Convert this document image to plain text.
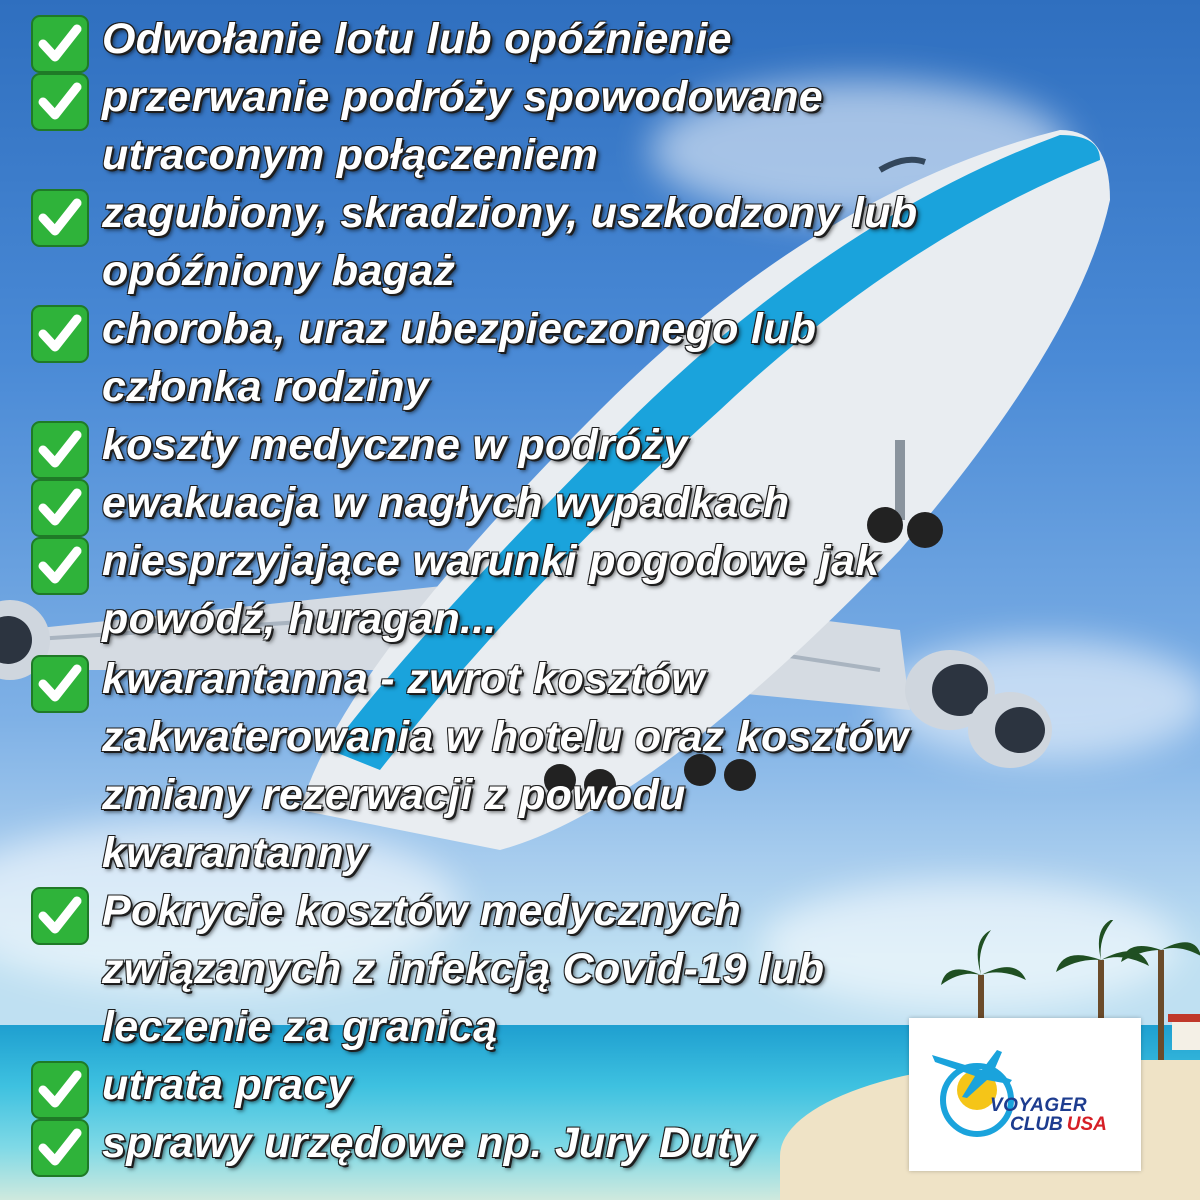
Odwołanie lotu lub opóźnienie
przerwanie podróży spowodowane
utraconym połączeniem
zagubiony, skradziony, uszkodzony lub
opóźniony bagaż
choroba, uraz ubezpieczonego lub
członka rodziny
koszty medyczne w podróży
ewakuacja w nagłych wypadkach
niesprzyjające warunki pogodowe jak
powódź, huragan...
kwarantanna - zwrot kosztów
zakwaterowania w hotelu oraz kosztów
zmiany rezerwacji z powodu
kwarantanny
Pokrycie kosztów medycznych
związanych z infekcją Covid-19 lub
leczenie za granicą
utrata pracy
sprawy urzędowe np. Jury Duty
VOYAGER
CLUB USA
